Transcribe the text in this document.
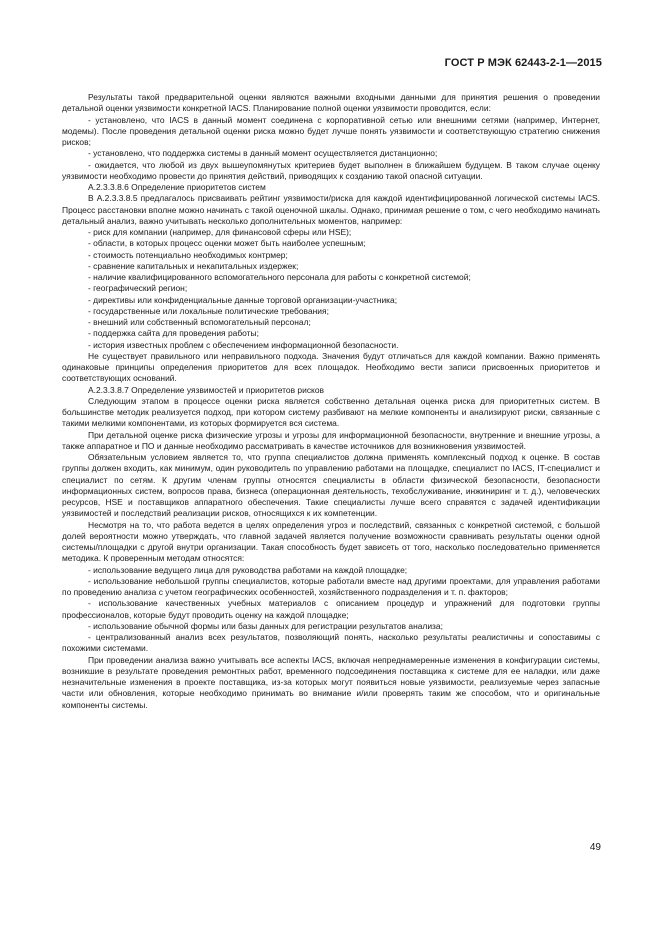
ГОСТ Р МЭК 62443-2-1—2015

Результаты такой предварительной оценки являются важными входными данными для принятия решения о проведении детальной оценки уязвимости конкретной IACS. Планирование полной оценки уязвимости проводится, если:

- установлено, что IACS в данный момент соединена с корпоративной сетью или внешними сетями (например, Интернет, модемы). После проведения детальной оценки риска можно будет лучше понять уязвимости и соответствующую стратегию снижения рисков;

- установлено, что поддержка системы в данный момент осуществляется дистанционно;

- ожидается, что любой из двух вышеупомянутых критериев будет выполнен в ближайшем будущем. В таком случае оценку уязвимости необходимо провести до принятия действий, приводящих к созданию такой опасной ситуации.

А.2.3.3.8.6 Определение приоритетов систем

В А.2.3.3.8.5 предлагалось присваивать рейтинг уязвимости/риска для каждой идентифицированной логической системы IACS. Процесс расстановки вполне можно начинать с такой оценочной шкалы. Однако, принимая решение о том, с чего необходимо начинать детальный анализ, важно учитывать несколько дополнительных моментов, например:

- риск для компании (например, для финансовой сферы или HSE);

- области, в которых процесс оценки может быть наиболее успешным;

- стоимость потенциально необходимых контрмер;

- сравнение капитальных и некапитальных издержек;

- наличие квалифицированного вспомогательного персонала для работы с конкретной системой;

- географический регион;

- директивы или конфиденциальные данные торговой организации-участника;

- государственные или локальные политические требования;

- внешний или собственный вспомогательный персонал;

- поддержка сайта для проведения работы;

- история известных проблем с обеспечением информационной безопасности.

Не существует правильного или неправильного подхода. Значения будут отличаться для каждой компании. Важно применять одинаковые принципы определения приоритетов для всех площадок. Необходимо вести записи присвоенных приоритетов и соответствующих оснований.

А.2.3.3.8.7 Определение уязвимостей и приоритетов рисков

Следующим этапом в процессе оценки риска является собственно детальная оценка риска для приоритетных систем. В большинстве методик реализуется подход, при котором систему разбивают на мелкие компоненты и анализируют риски, связанные с такими мелкими компонентами, из которых формируется вся система.

При детальной оценке риска физические угрозы и угрозы для информационной безопасности, внутренние и внешние угрозы, а также аппаратное и ПО и данные необходимо рассматривать в качестве источников для возникновения уязвимостей.

Обязательным условием является то, что группа специалистов должна применять комплексный подход к оценке. В состав группы должен входить, как минимум, один руководитель по управлению работами на площадке, специалист по IACS, IT-специалист и специалист по сетям. К другим членам группы относятся специалисты в области физической безопасности, безопасности информационных систем, вопросов права, бизнеса (операционная деятельность, техобслуживание, инжиниринг и т. д.), человеческих ресурсов, HSE и поставщиков аппаратного обеспечения. Такие специалисты лучше всего справятся с задачей идентификации уязвимостей и последствий реализации рисков, относящихся к их компетенции.

Несмотря на то, что работа ведется в целях определения угроз и последствий, связанных с конкретной системой, с большой долей вероятности можно утверждать, что главной задачей является получение возможности сравнивать результаты оценки одной системы/площадки с другой внутри организации. Такая способность будет зависеть от того, насколько последовательно применяется методика. К проверенным методам относятся:

- использование ведущего лица для руководства работами на каждой площадке;

- использование небольшой группы специалистов, которые работали вместе над другими проектами, для управления работами по проведению анализа с учетом географических особенностей, хозяйственного подразделения и т. п. факторов;

- использование качественных учебных материалов с описанием процедур и упражнений для подготовки группы профессионалов, которые будут проводить оценку на каждой площадке;

- использование обычной формы или базы данных для регистрации результатов анализа;

- централизованный анализ всех результатов, позволяющий понять, насколько результаты реалистичны и сопоставимы с похожими системами.

При проведении анализа важно учитывать все аспекты IACS, включая непреднамеренные изменения в конфигурации системы, возникшие в результате проведения ремонтных работ, временного подсоединения поставщика к системе для ее наладки, или даже незначительные изменения в проекте поставщика, из-за которых могут появиться новые уязвимости, реализуемые через запасные части или обновления, которые необходимо принимать во внимание и/или проверять таким же способом, что и оригинальные компоненты системы.

49
